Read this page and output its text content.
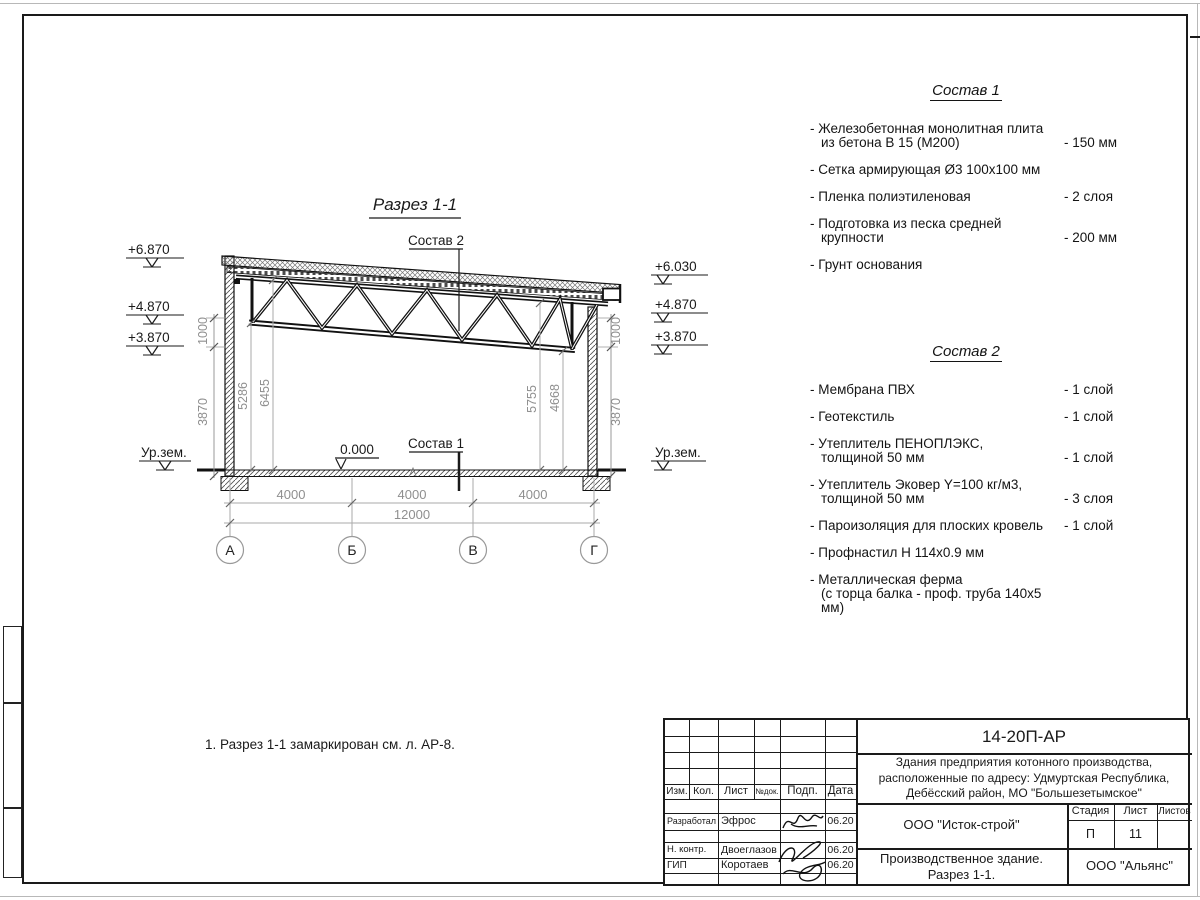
Разрез 1-1
Состав 2
Состав 1
0.000
+6.870
+4.870
+3.870
Ур.зем.
+6.030
+4.870
+3.870
Ур.зем.
1000
3870
1000
3870
5286 6455	5755 4668
4000	4000	4000
12000
А	Б	В	Г
Состав 1
- Железобетонная монолитная плита
из бетона В 15 (М200)	- 150 мм
- Сетка армирующая Ø3 100х100 мм
- Пленка полиэтиленовая	- 2 слоя
- Подготовка из песка средней
крупности	- 200 мм
- Грунт основания
Состав 2
- Мембрана ПВХ	- 1 слой
- Геотекстиль	- 1 слой
- Утеплитель ПЕНОПЛЭКС,
толщиной 50 мм	- 1 слой
- Утеплитель Эковер Y=100 кг/м3,
толщиной 50 мм	- 3 слоя
- Пароизоляция для плоских кровель	- 1 слой
- Профнастил Н 114х0.9 мм
- Металлическая ферма
(с торца балка - проф. труба 140х5 мм)
1. Разрез 1-1 замаркирован см. л. АР-8.
Изм. Кол. Лист №док. Подп. Дата
Разработал Эфрос	06.20
Н. контр.	Двоеглазов	06.20
ГИП	Коротаев	06.20
14-20П-АР
Здания предприятия котонного производства,
расположенные по адресу: Удмуртская Республика,
Дебёсский район, МО "Большезетымское"
ООО "Исток-строй"
Стадия	Лист	Листов
П	11
Производственное здание.
Разрез 1-1.
ООО "Альянс"
